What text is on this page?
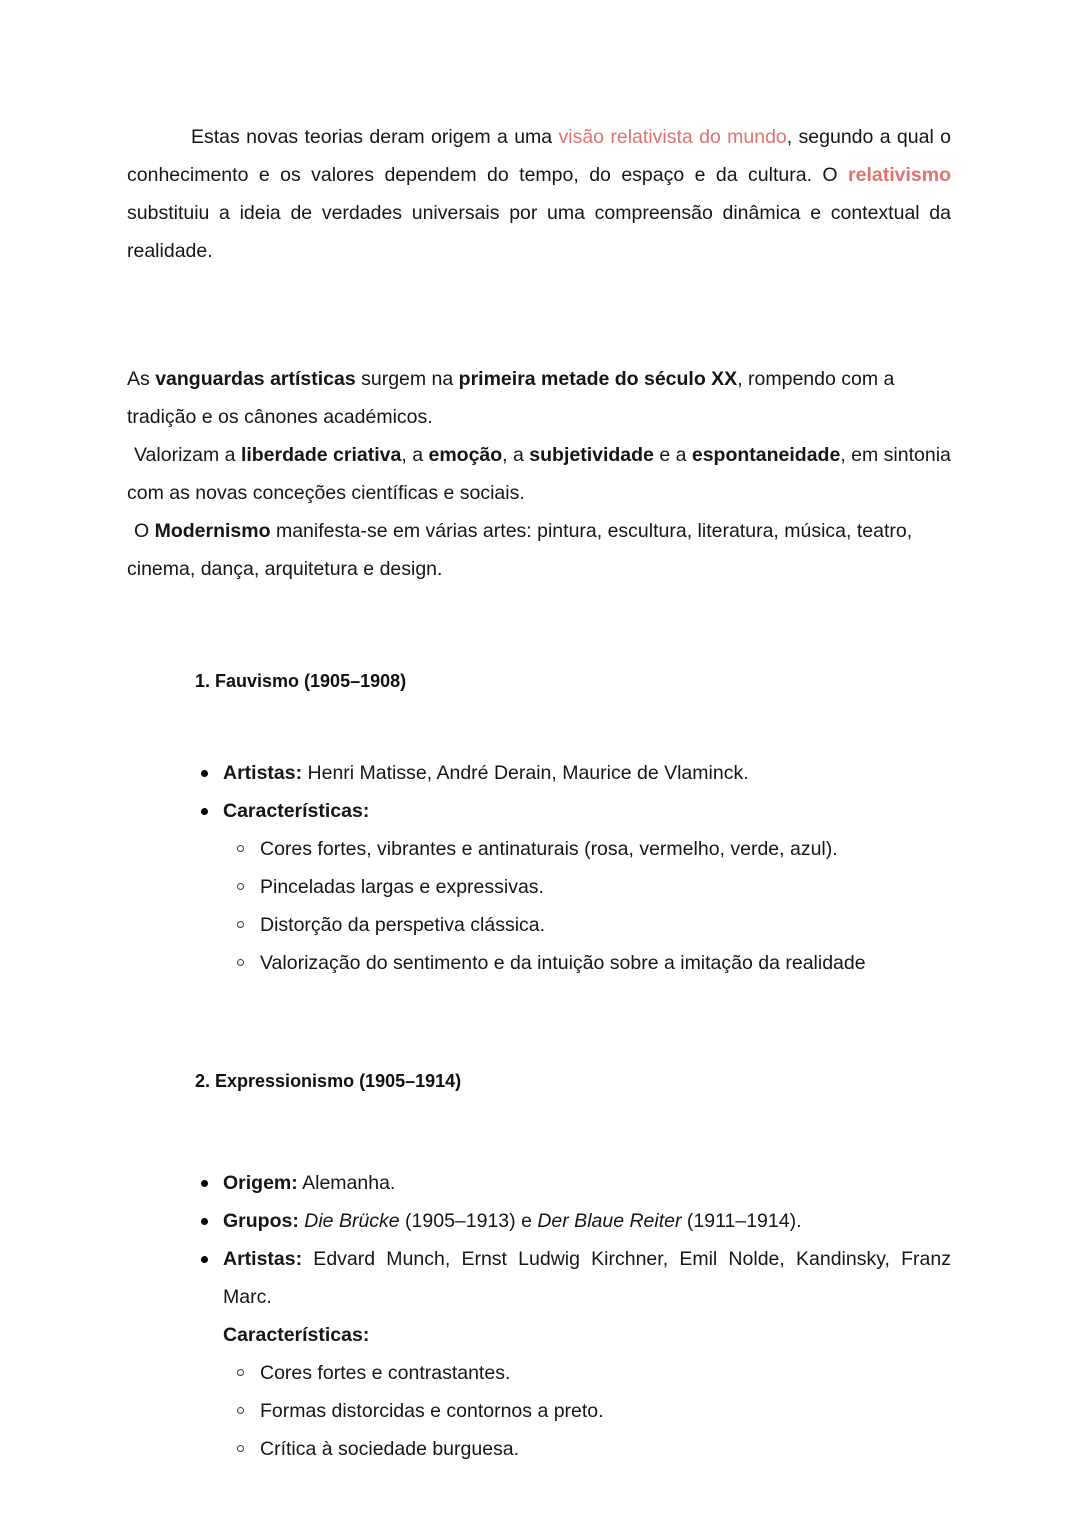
Estas novas teorias deram origem a uma visão relativista do mundo, segundo a qual o conhecimento e os valores dependem do tempo, do espaço e da cultura. O relativismo substituiu a ideia de verdades universais por uma compreensão dinâmica e contextual da realidade.

As vanguardas artísticas surgem na primeira metade do século XX, rompendo com a tradição e os cânones académicos.

Valorizam a liberdade criativa, a emoção, a subjetividade e a espontaneidade, em sintonia com as novas conceções científicas e sociais.

O Modernismo manifesta-se em várias artes: pintura, escultura, literatura, música, teatro, cinema, dança, arquitetura e design.

1. Fauvismo (1905–1908)
Artistas: Henri Matisse, André Derain, Maurice de Vlaminck.
Características:
Cores fortes, vibrantes e antinaturais (rosa, vermelho, verde, azul).
Pinceladas largas e expressivas.
Distorção da perspetiva clássica.
Valorização do sentimento e da intuição sobre a imitação da realidade
2. Expressionismo (1905–1914)
Origem: Alemanha.
Grupos: Die Brücke (1905–1913) e Der Blaue Reiter (1911–1914).
Artistas: Edvard Munch, Ernst Ludwig Kirchner, Emil Nolde, Kandinsky, Franz Marc.
Características:
Cores fortes e contrastantes.
Formas distorcidas e contornos a preto.
Crítica à sociedade burguesa.
